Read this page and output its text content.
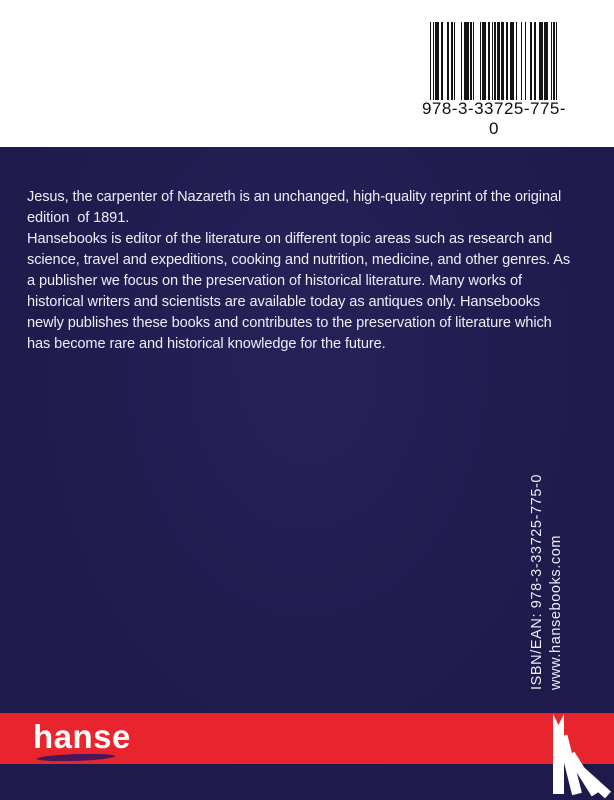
978-3-33725-775-0
Jesus, the carpenter of Nazareth is an unchanged, high-quality reprint of the original
edition  of 1891.
Hansebooks is editor of the literature on different topic areas such as research and
science, travel and expeditions, cooking and nutrition, medicine, and other genres. As
a publisher we focus on the preservation of historical literature. Many works of
historical writers and scientists are available today as antiques only. Hansebooks
newly publishes these books and contributes to the preservation of literature which
has become rare and historical knowledge for the future.
ISBN/EAN: 978-3-33725-775-0 www.hansebooks.com
hanse
